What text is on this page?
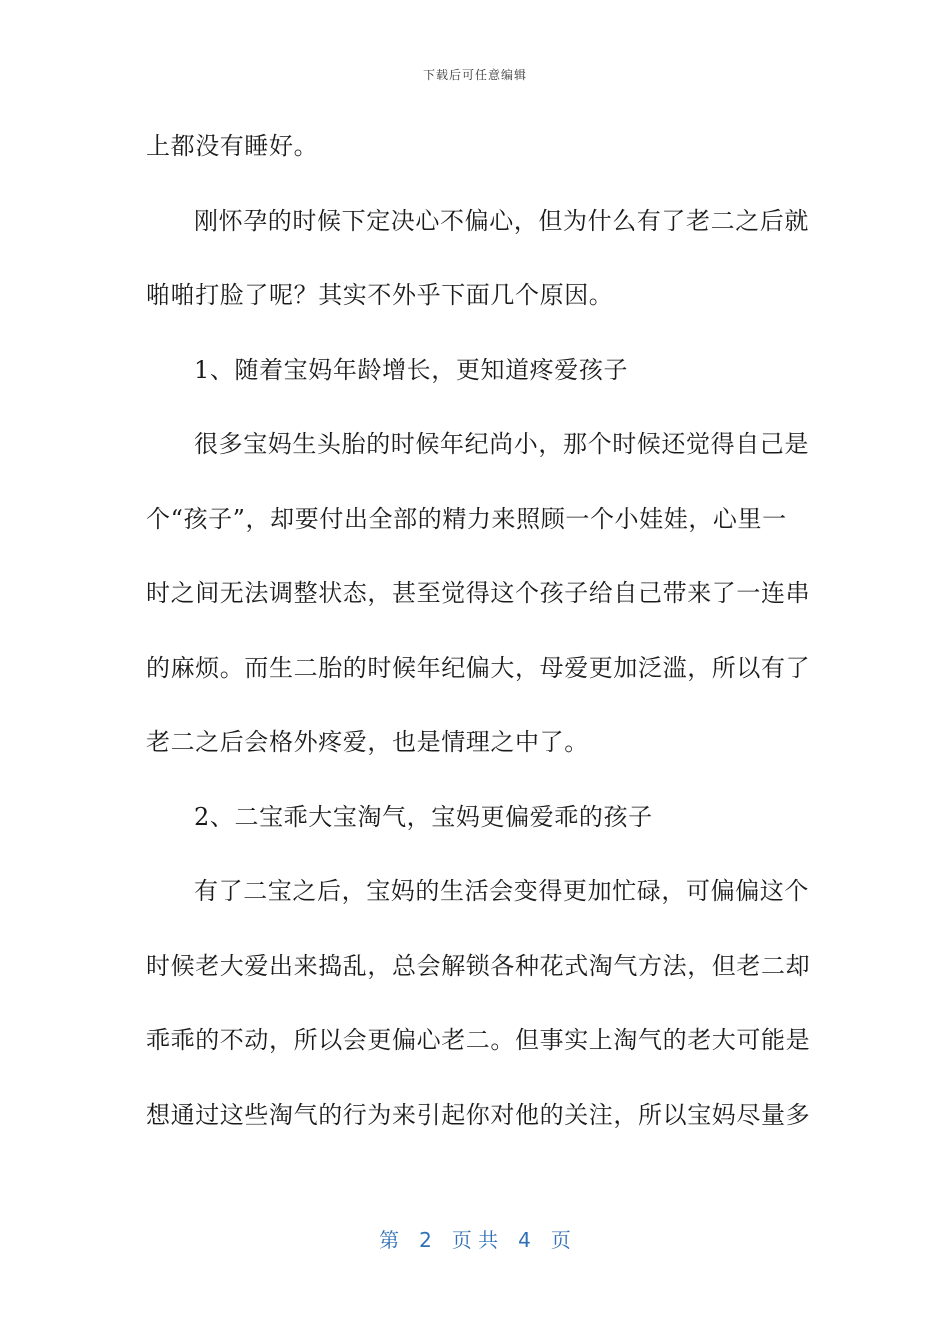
下载后可任意编辑
上都没有睡好。
刚怀孕的时候下定决心不偏心，但为什么有了老二之后就
啪啪打脸了呢？其实不外乎下面几个原因。
1、随着宝妈年龄增长，更知道疼爱孩子
很多宝妈生头胎的时候年纪尚小，那个时候还觉得自己是
个“孩子”，却要付出全部的精力来照顾一个小娃娃，心里一
时之间无法调整状态，甚至觉得这个孩子给自己带来了一连串
的麻烦。而生二胎的时候年纪偏大，母爱更加泛滥，所以有了
老二之后会格外疼爱，也是情理之中了。
2、二宝乖大宝淘气，宝妈更偏爱乖的孩子
有了二宝之后，宝妈的生活会变得更加忙碌，可偏偏这个
时候老大爱出来捣乱，总会解锁各种花式淘气方法，但老二却
乖乖的不动，所以会更偏心老二。但事实上淘气的老大可能是
想通过这些淘气的行为来引起你对他的关注，所以宝妈尽量多
第 2 页 共 4 页
